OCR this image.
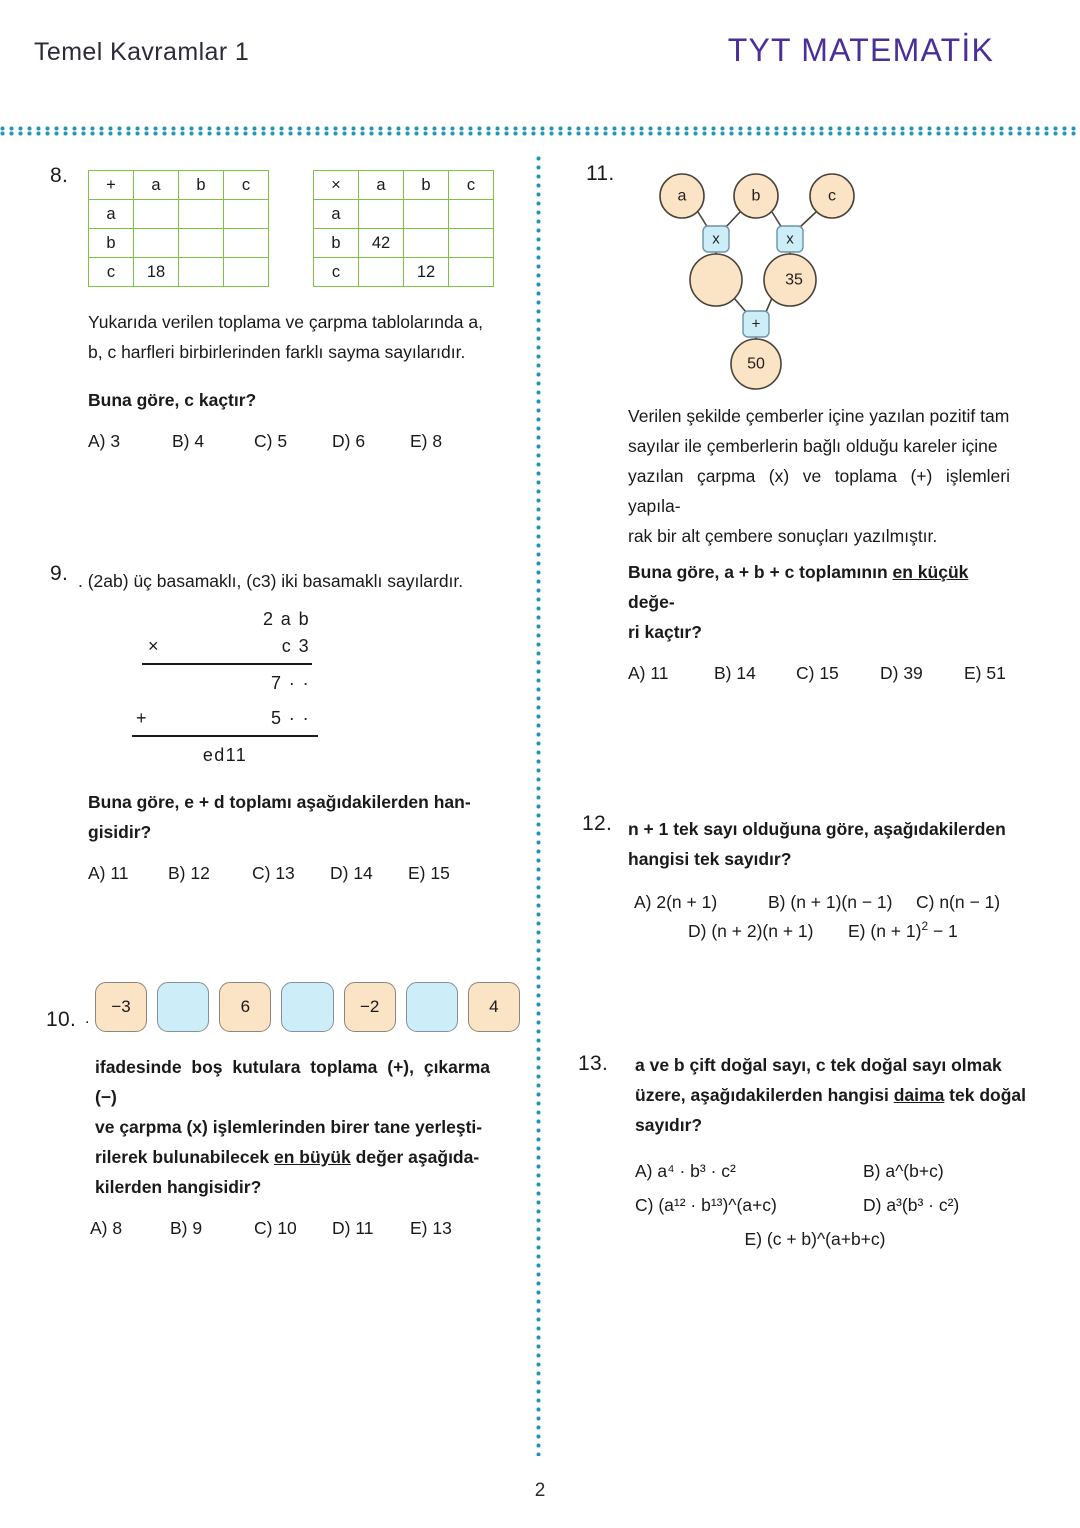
Temel Kavramlar 1	TYT MATEMATİK
8. +	a	b	c
a			
b			
c	18		
×	a	b	c
a			
b	42		
c		12	
Yukarıda verilen toplama ve çarpma tablolarında a,
b, c harfleri birbirlerinden farklı sayma sayılarıdır.
Buna göre, c kaçtır?
A) 3	B) 4	C) 5	D) 6	E) 8
9. . (2ab) üç basamaklı, (c3) iki basamaklı sayılardır.
2 a b
×	c 3
7 · ·
+	5 · ·
ed11
Buna göre, e + d toplamı aşağıdakilerden han-
gisidir?
A) 11	B) 12	C) 13	D) 14	E) 15
10. .
−3	6	−2	4
ifadesinde boş kutulara toplama (+), çıkarma (−)
ve çarpma (x) işlemlerinden birer tane yerleşti-
rilerek bulunabilecek en büyük değer aşağıda-
kilerden hangisidir?
A) 8	B) 9	C) 10	D) 11	E) 13
11.
a	b	c
35
50
x	x
+
Verilen şekilde çemberler içine yazılan pozitif tam
sayılar ile çemberlerin bağlı olduğu kareler içine
yazılan çarpma (x) ve toplama (+) işlemleri yapıla-
rak bir alt çembere sonuçları yazılmıştır.
Buna göre, a + b + c toplamının en küçük değe-
ri kaçtır?
A) 11	B) 14	C) 15	D) 39	E) 51
12. n + 1 tek sayı olduğuna göre, aşağıdakilerden
hangisi tek sayıdır?
A) 2(n + 1)	B) (n + 1)(n − 1)	C) n(n − 1)
D) (n + 2)(n + 1)	E) $(n + 1)^2 - 1$
13. a ve b çift doğal sayı, c tek doğal sayı olmak
üzere, aşağıdakilerden hangisi daima tek doğal
sayıdır?
A) a⁴ · b³ · c²	B) a^(b+c)
C) (a¹² · b¹³)^(a+c)	D) a³(b³ · c²)
E) (c + b)^(a+b+c)
2
